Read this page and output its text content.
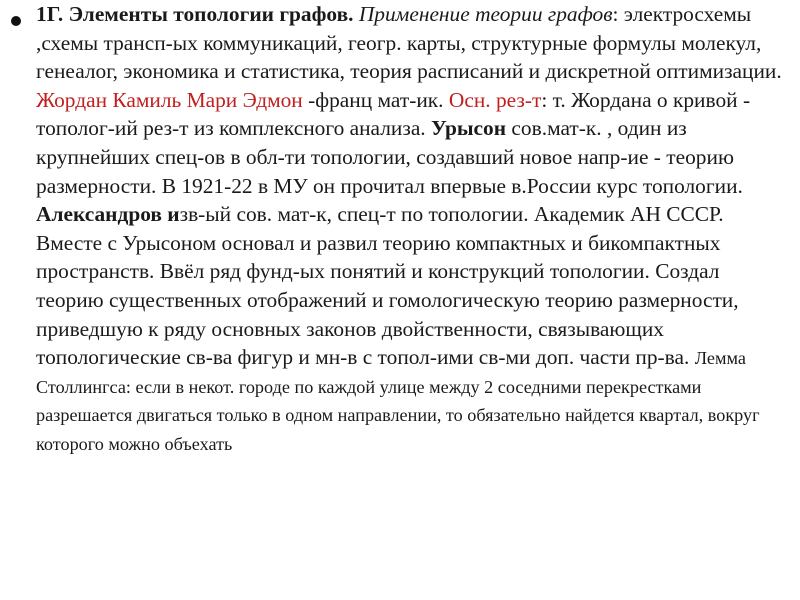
1Г. Элементы топологии графов. Применение теории графов: электросхемы ,схемы трансп-ых коммуникаций, геогр. карты, структурные формулы молекул, генеалог, экономика и статистика, теория расписаний и дискретной оптимизации. Жордан Камиль Мари Эдмон -франц мат-ик. Осн. рез-т: т. Жордана о кривой - тополог-ий рез-т из комплексного анализа. Урысон сов.мат-к. , один из крупнейших спец-ов в обл-ти топологии, создавший новое напр-ие - теорию размерности. В 1921-22 в МУ он прочитал впервые в.России курс топологии. Александров изв-ый сов. мат-к, спец-т по топологии. Академик АН СССР. Вместе с Урысоном основал и развил теорию компактных и бикомпактных пространств. Ввёл ряд фунд-ых понятий и конструкций топологии. Создал теорию существенных отображений и гомологическую теорию размерности, приведшую к ряду основных законов двойственности, связывающих топологические св-ва фигур и мн-в с топол-ими св-ми доп. части пр-ва. Лемма Столлингса: если в некот. городе по каждой улице между 2 соседними перекрестками разрешается двигаться только в одном направлении, то обязательно найдется квартал, вокруг которого можно объехать
